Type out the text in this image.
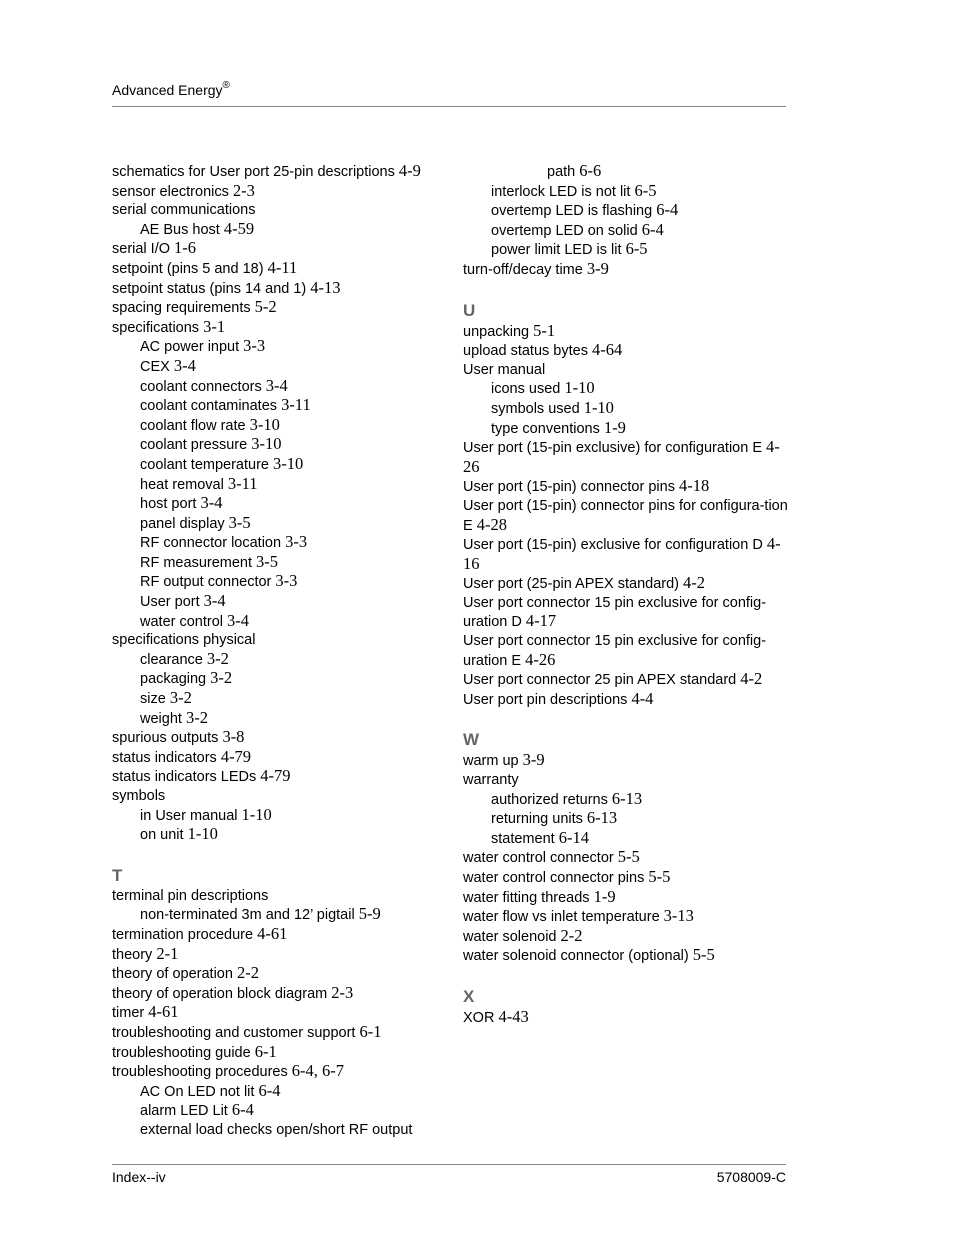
Advanced Energy®
schematics for User port 25-pin descriptions 4-9
sensor electronics 2-3
serial communications
AE Bus host 4-59
serial I/O 1-6
setpoint (pins 5 and 18) 4-11
setpoint status (pins 14 and 1) 4-13
spacing requirements 5-2
specifications 3-1
AC power input 3-3
CEX 3-4
coolant connectors 3-4
coolant contaminates 3-11
coolant flow rate 3-10
coolant pressure 3-10
coolant temperature 3-10
heat removal 3-11
host port 3-4
panel display 3-5
RF connector location 3-3
RF measurement 3-5
RF output connector 3-3
User port 3-4
water control 3-4
specifications physical
clearance 3-2
packaging 3-2
size 3-2
weight 3-2
spurious outputs 3-8
status indicators 4-79
status indicators LEDs 4-79
symbols
in User manual 1-10
on unit 1-10
T
terminal pin descriptions
non-terminated 3m and 12’ pigtail 5-9
termination procedure 4-61
theory 2-1
theory of operation 2-2
theory of operation block diagram 2-3
timer 4-61
troubleshooting and customer support 6-1
troubleshooting guide 6-1
troubleshooting procedures 6-4, 6-7
AC On LED not lit 6-4
alarm LED Lit 6-4
external load checks open/short RF output
path 6-6
interlock LED is not lit 6-5
overtemp LED is flashing 6-4
overtemp LED on solid 6-4
power limit LED is lit 6-5
turn-off/decay time 3-9
U
unpacking 5-1
upload status bytes 4-64
User manual
icons used 1-10
symbols used 1-10
type conventions 1-9
User port (15-pin exclusive) for configuration E 4-26
User port (15-pin) connector pins 4-18
User port (15-pin) connector pins for configura-tion E 4-28
User port (15-pin) exclusive for configuration D 4-16
User port (25-pin APEX standard) 4-2
User port connector 15 pin exclusive for config-uration D 4-17
User port connector 15 pin exclusive for config-uration E 4-26
User port connector 25 pin APEX standard 4-2
User port pin descriptions 4-4
W
warm up 3-9
warranty
authorized returns 6-13
returning units 6-13
statement 6-14
water control connector 5-5
water control connector pins 5-5
water fitting threads 1-9
water flow vs inlet temperature 3-13
water solenoid 2-2
water solenoid connector (optional) 5-5
X
XOR 4-43
Index--iv	5708009-C
